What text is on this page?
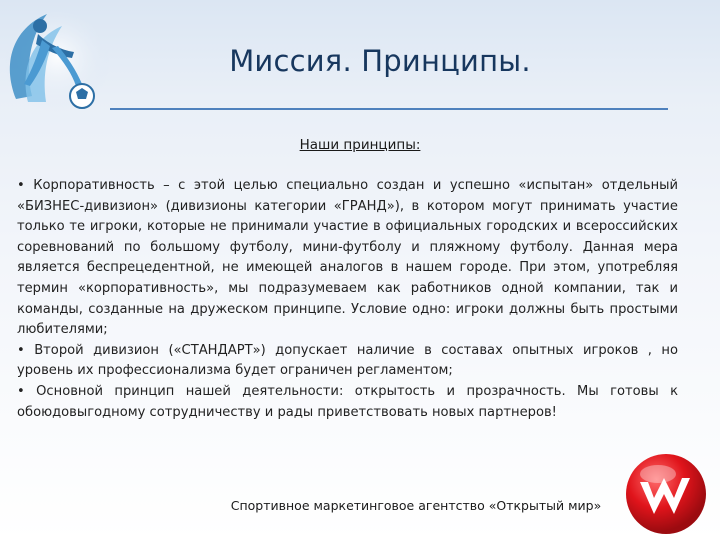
Миссия. Принципы.
Наши принципы:

• Корпоративность – с этой целью специально создан и успешно «испытан» отдельный «БИЗНЕС-дивизион» (дивизионы категории «ГРАНД»), в котором могут принимать участие только те игроки, которые не принимали участие в официальных городских и всероссийских соревнований по большому футболу, мини-футболу и пляжному футболу. Данная мера является беспрецедентной, не имеющей аналогов в нашем городе. При этом, употребляя термин «корпоративность», мы подразумеваем как работников одной компании, так и команды, созданные на дружеском принципе. Условие одно: игроки должны быть простыми любителями;

• Второй дивизион («СТАНДАРТ») допускает наличие в составах опытных игроков , но уровень их профессионализма будет ограничен регламентом;

• Основной принцип нашей деятельности: открытость и прозрачность. Мы готовы к обоюдовыгодному сотрудничеству и рады приветствовать новых партнеров!

Спортивное маркетинговое агентство «Открытый мир»
